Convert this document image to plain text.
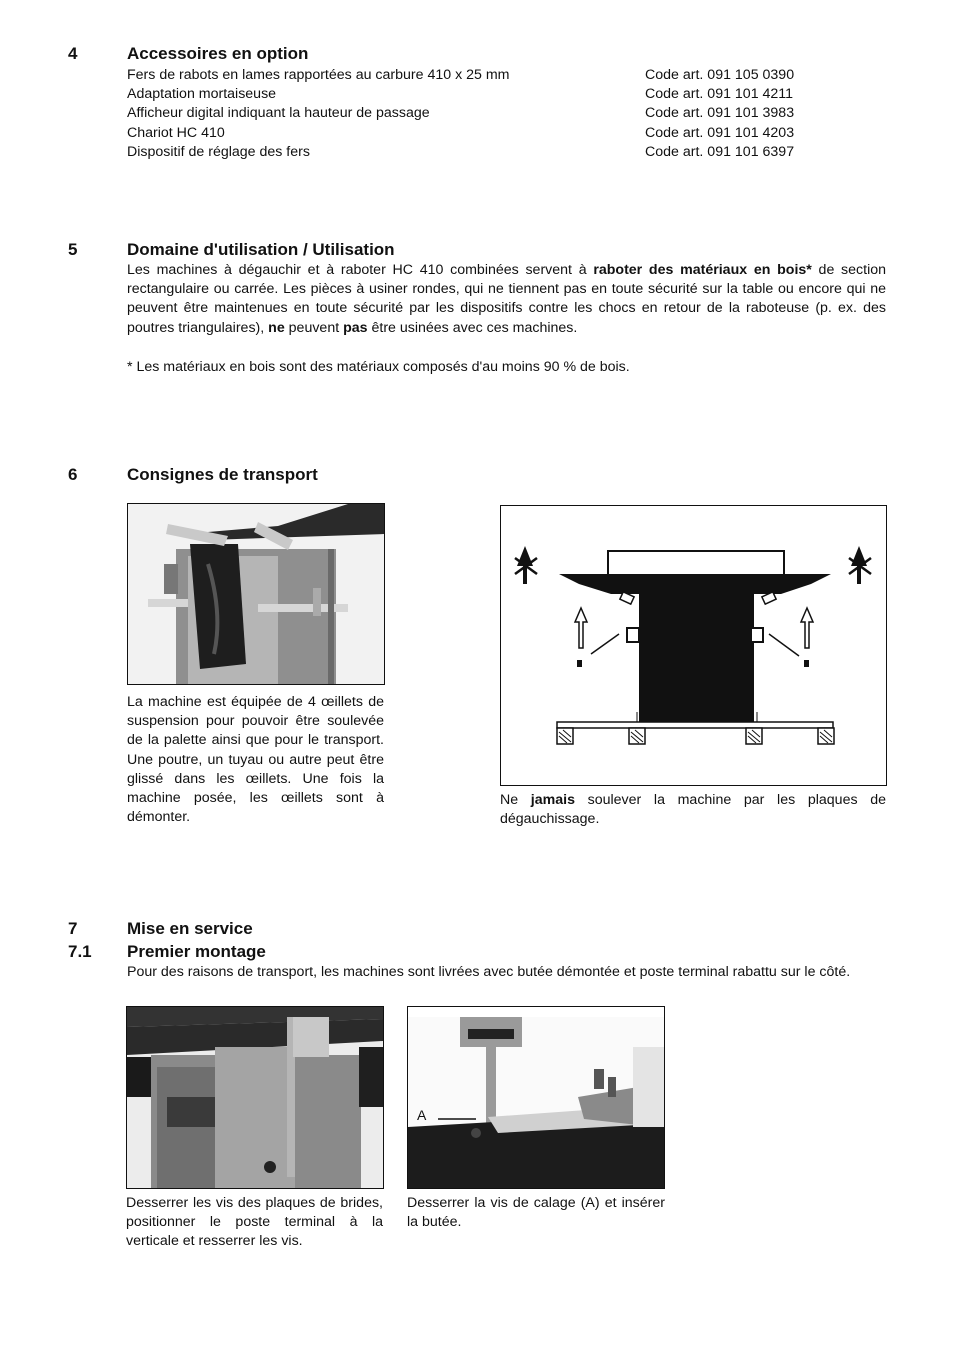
4	Accessoires en option
Fers de rabots en lames rapportées au carbure 410 x 25 mm	Code art. 091 105 0390
Adaptation mortaiseuse	Code art. 091 101 4211
Afficheur digital indiquant la hauteur de passage	Code art. 091 101 3983
Chariot HC 410	Code art. 091 101 4203
Dispositif de réglage des fers	Code art. 091 101 6397
5	Domaine d'utilisation / Utilisation
Les machines à dégauchir et à raboter HC 410 combinées servent à raboter des matériaux en bois* de section rectangulaire ou carrée. Les pièces à usiner rondes, qui ne tiennent pas en toute sécurité sur la table ou encore qui ne peuvent être maintenues en toute sécurité par les dispositifs contre les chocs en retour de la raboteuse (p. ex. des poutres triangulaires), ne peuvent pas être usinées avec ces machines.
* Les matériaux en bois sont des matériaux composés d'au moins 90 % de bois.
6	Consignes de transport
La machine est équipée de 4 œillets de suspension pour pouvoir être soulevée de la palette ainsi que pour le transport. Une poutre, un tuyau ou autre peut être glissé dans les œillets. Une fois la machine posée, les œillets sont à démonter.
Ne jamais soulever la machine par les plaques de dégauchissage.
7	Mise en service
7.1 Premier montage
Pour des raisons de transport, les machines sont livrées avec butée démontée et poste terminal rabattu sur le côté.
Desserrer les vis des plaques de brides, positionner le poste terminal à la verticale et resserrer les vis.
A
Desserrer la vis de calage (A) et insérer la butée.
